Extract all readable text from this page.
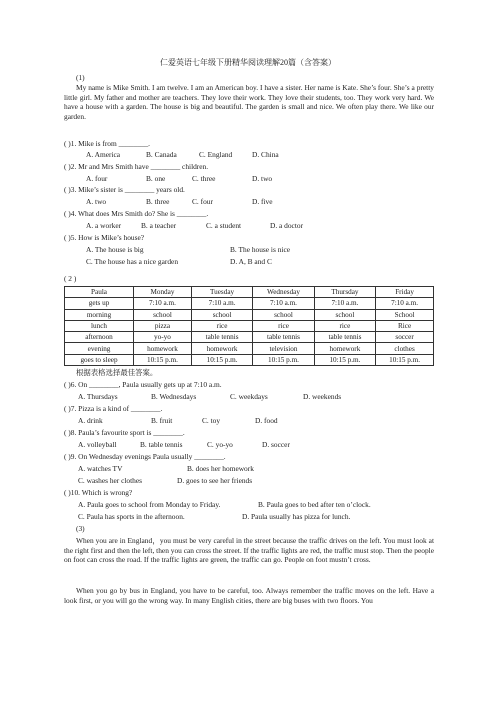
仁爱英语七年级下册精华阅读理解20篇（含答案）
(1)
My name is Mike Smith. I am twelve. I am an American boy. I have a sister. Her name is Kate. She’s four. She’s a pretty little girl. My father and mother are teachers. They love their work. They love their students, too. They work very hard. We have a house with a garden. The house is big and beautiful. The garden is small and nice. We often play there. We like our garden.
( )1. Mike is from ________.
A. America	B. Canada	C. England	D. China
( )2. Mr and Mrs Smith have ________ children.
A. four	B. one	C. three	D. two
( )3. Mike’s sister is ________ years old.
A. two	B. three	C. four	D. five
( )4. What does Mrs Smith do? She is ________.
A. a worker	B. a teacher	C. a student	D. a doctor
( )5. How is Mike’s house?
A. The house is big	B. The house is nice
C. The house has a nice garden	D. A, B and C
( 2 )
Paula	Monday	Tuesday	Wednesday	Thursday	Friday
gets up	7:10 a.m.	7:10 a.m.	7:10 a.m.	7:10 a.m.	7:10 a.m.
morning	school	school	school	school	School
lunch	pizza	rice	rice	rice	Rice
afternoon	yo-yo	table tennis	table tennis	table tennis	soccer
evening	homework	homework	television	homework	clothes
goes to sleep	10:15 p.m.	10:15 p.m.	10:15 p.m.	10:15 p.m.	10:15 p.m.
根据表格选择最佳答案。
( )6. On ________, Paula usually gets up at 7:10 a.m.
A. Thursdays	B. Wednesdays	C. weekdays	D. weekends
( )7. Pizza is a kind of ________.
A. drink	B. fruit	C. toy	D. food
( )8. Paula’s favourite sport is ________.
A. volleyball	B. table tennis	C. yo-yo	D. soccer
( )9. On Wednesday evenings Paula usually ________.
A. watches TV	B. does her homework
C. washes her clothes	D. goes to see her friends
( )10. Which is wrong?
A. Paula goes to school from Monday to Friday.	B. Paula goes to bed after ten o’clock.
C. Paula has sports in the afternoon.	D. Paula usually has pizza for lunch.
(3)
When you are in England，you must be very careful in the street because the traffic drives on the left. You must look at the right first and then the left, then you can cross the street. If the traffic lights are red, the traffic must stop. Then the people on foot can cross the road. If the traffic lights are green, the traffic can go. People on foot mustn’t cross.
When you go by bus in England, you have to be careful, too. Always remember the traffic moves on the left. Have a look first, or you will go the wrong way. In many English cities, there are big buses with two floors. You
